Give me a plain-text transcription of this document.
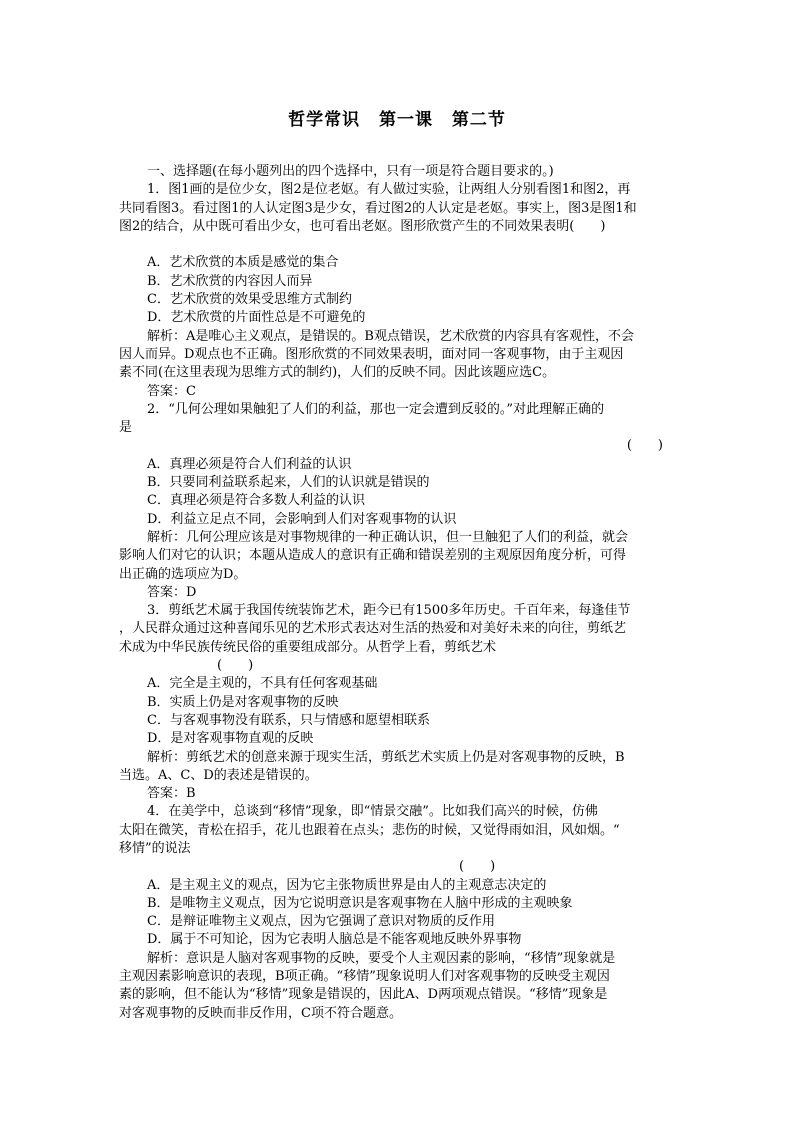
哲学常识 第一课 第二节
一、选择题(在每小题列出的四个选择中，只有一项是符合题目要求的。)
1．图1画的是位少女，图2是位老妪。有人做过实验，让两组人分别看图1和图2，再
共同看图3。看过图1的人认定图3是少女，看过图2的人认定是老妪。事实上，图3是图1和
图2的结合，从中既可看出少女，也可看出老妪。图形欣赏产生的不同效果表明(　　)
A．艺术欣赏的本质是感觉的集合
B．艺术欣赏的内容因人而异
C．艺术欣赏的效果受思维方式制约
D．艺术欣赏的片面性总是不可避免的
解析：A是唯心主义观点，是错误的。B观点错误，艺术欣赏的内容具有客观性，不会
因人而异。D观点也不正确。图形欣赏的不同效果表明，面对同一客观事物，由于主观因
素不同(在这里表现为思维方式的制约)，人们的反映不同。因此该题应选C。
答案：C
2．“几何公理如果触犯了人们的利益，那也一定会遭到反驳的。”对此理解正确的
是
(　　)
A．真理必须是符合人们利益的认识
B．只要同利益联系起来，人们的认识就是错误的
C．真理必须是符合多数人利益的认识
D．利益立足点不同，会影响到人们对客观事物的认识
解析：几何公理应该是对事物规律的一种正确认识，但一旦触犯了人们的利益，就会
影响人们对它的认识；本题从造成人的意识有正确和错误差别的主观原因角度分析，可得
出正确的选项应为D。
答案：D
3．剪纸艺术属于我国传统装饰艺术，距今已有1500多年历史。千百年来，每逢佳节
，人民群众通过这种喜闻乐见的艺术形式表达对生活的热爱和对美好未来的向往，剪纸艺
术成为中华民族传统民俗的重要组成部分。从哲学上看，剪纸艺术
(　　)
A．完全是主观的，不具有任何客观基础
B．实质上仍是对客观事物的反映
C．与客观事物没有联系，只与情感和愿望相联系
D．是对客观事物直观的反映
解析：剪纸艺术的创意来源于现实生活，剪纸艺术实质上仍是对客观事物的反映，B
当选。A、C、D的表述是错误的。
答案：B
4．在美学中，总谈到“移情”现象，即“情景交融”。比如我们高兴的时候，仿佛
太阳在微笑，青松在招手，花儿也跟着在点头；悲伤的时候，又觉得雨如泪，风如烟。“
移情”的说法
(　　)
A．是主观主义的观点，因为它主张物质世界是由人的主观意志决定的
B．是唯物主义观点，因为它说明意识是客观事物在人脑中形成的主观映象
C．是辩证唯物主义观点，因为它强调了意识对物质的反作用
D．属于不可知论，因为它表明人脑总是不能客观地反映外界事物
解析：意识是人脑对客观事物的反映，要受个人主观因素的影响，“移情”现象就是
主观因素影响意识的表现，B项正确。“移情”现象说明人们对客观事物的反映受主观因
素的影响，但不能认为“移情”现象是错误的，因此A、D两项观点错误。“移情”现象是
对客观事物的反映而非反作用，C项不符合题意。
